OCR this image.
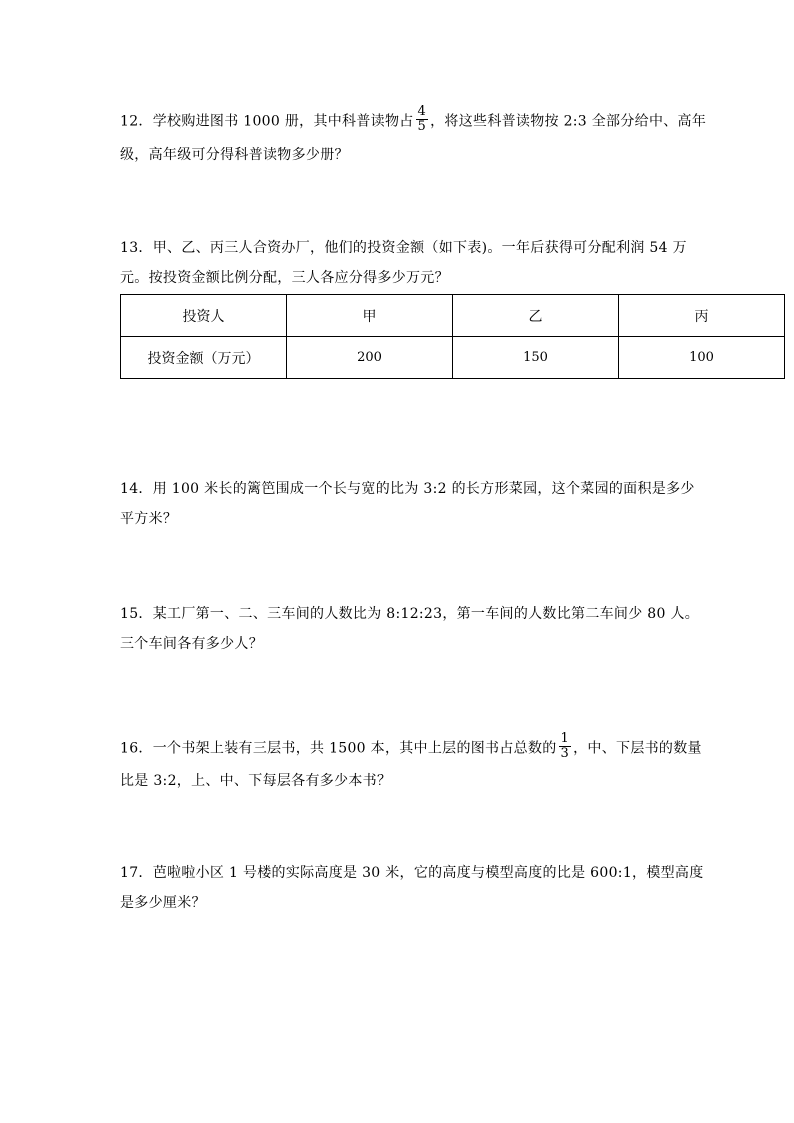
12．学校购进图书 1000 册，其中科普读物占 $\frac{4}{5}$ ，将这些科普读物按 2:3 全部分给中、高年
级，高年级可分得科普读物多少册？
13．甲、乙、丙三人合资办厂，他们的投资金额（如下表)。一年后获得可分配利润 54 万
元。按投资金额比例分配，三人各应分得多少万元？
投资人	甲	乙	丙
投资金额（万元）	200	150	100
14．用 100 米长的篱笆围成一个长与宽的比为 3:2 的长方形菜园，这个菜园的面积是多少
平方米？
15．某工厂第一、二、三车间的人数比为 8:12:23，第一车间的人数比第二车间少 80 人。
三个车间各有多少人？
16．一个书架上装有三层书，共 1500 本，其中上层的图书占总数的 $\frac{1}{3}$ ，中、下层书的数量
比是 3:2，上、中、下每层各有多少本书？
17．芭啦啦小区 1 号楼的实际高度是 30 米，它的高度与模型高度的比是 600:1，模型高度
是多少厘米？
